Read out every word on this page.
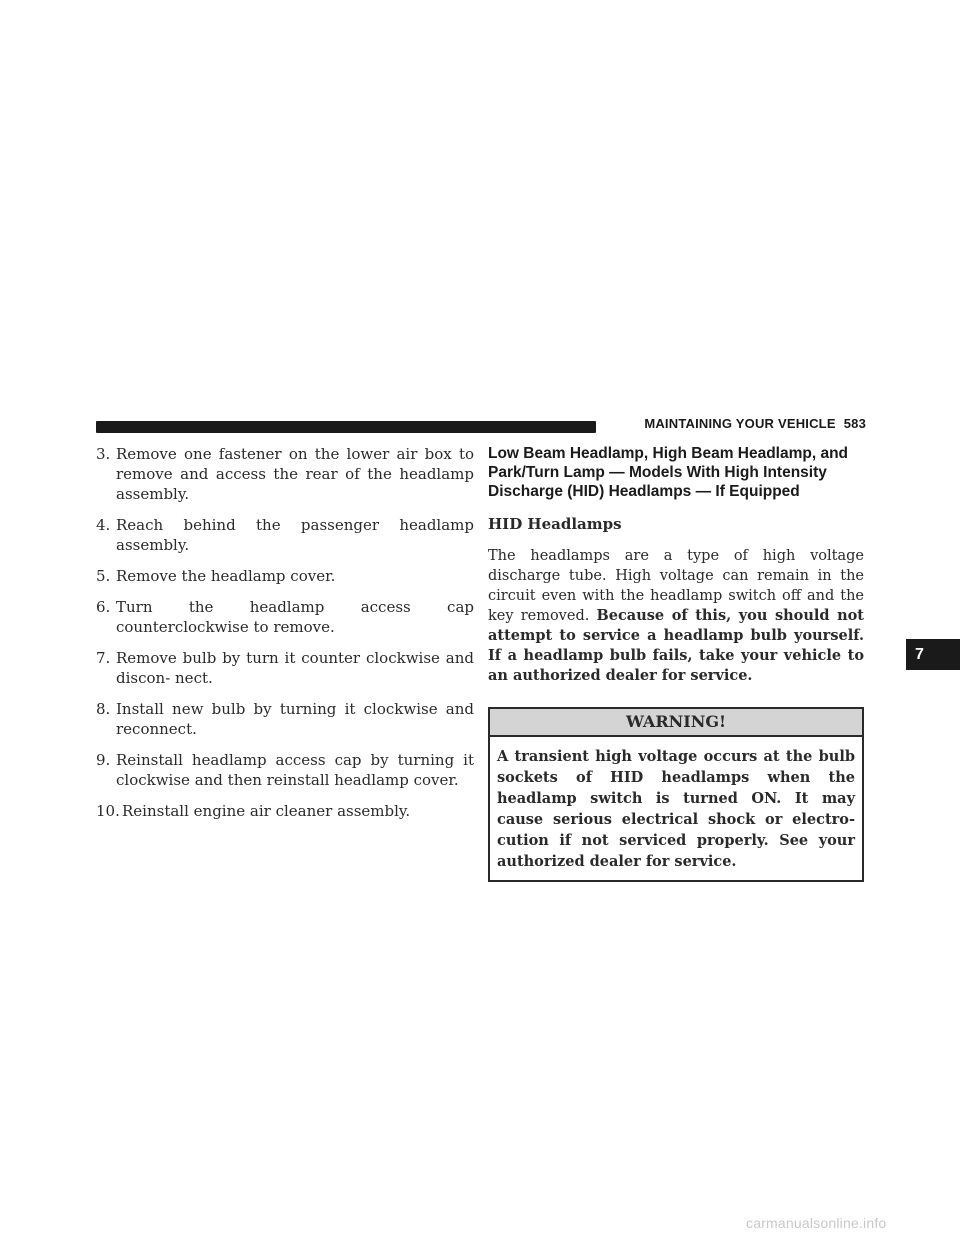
MAINTAINING YOUR VEHICLE 583
3. Remove one fastener on the lower air box to remove and access the rear of the headlamp assembly.
4. Reach behind the passenger headlamp assembly.
5. Remove the headlamp cover.
6. Turn the headlamp access cap counterclockwise to remove.
7. Remove bulb by turn it counter clockwise and discon- nect.
8. Install new bulb by turning it clockwise and reconnect.
9. Reinstall headlamp access cap by turning it clockwise and then reinstall headlamp cover.
10. Reinstall engine air cleaner assembly.
Low Beam Headlamp, High Beam Headlamp, and Park/Turn Lamp — Models With High Intensity Discharge (HID) Headlamps — If Equipped
HID Headlamps

The headlamps are a type of high voltage discharge tube. High voltage can remain in the circuit even with the headlamp switch off and the key removed. Because of this, you should not attempt to service a headlamp bulb yourself. If a headlamp bulb fails, take your vehicle to an authorized dealer for service.

WARNING!
A transient high voltage occurs at the bulb sockets of HID headlamps when the headlamp switch is turned ON. It may cause serious electrical shock or electro- cution if not serviced properly. See your authorized dealer for service.
7
carmanualsonline.info
